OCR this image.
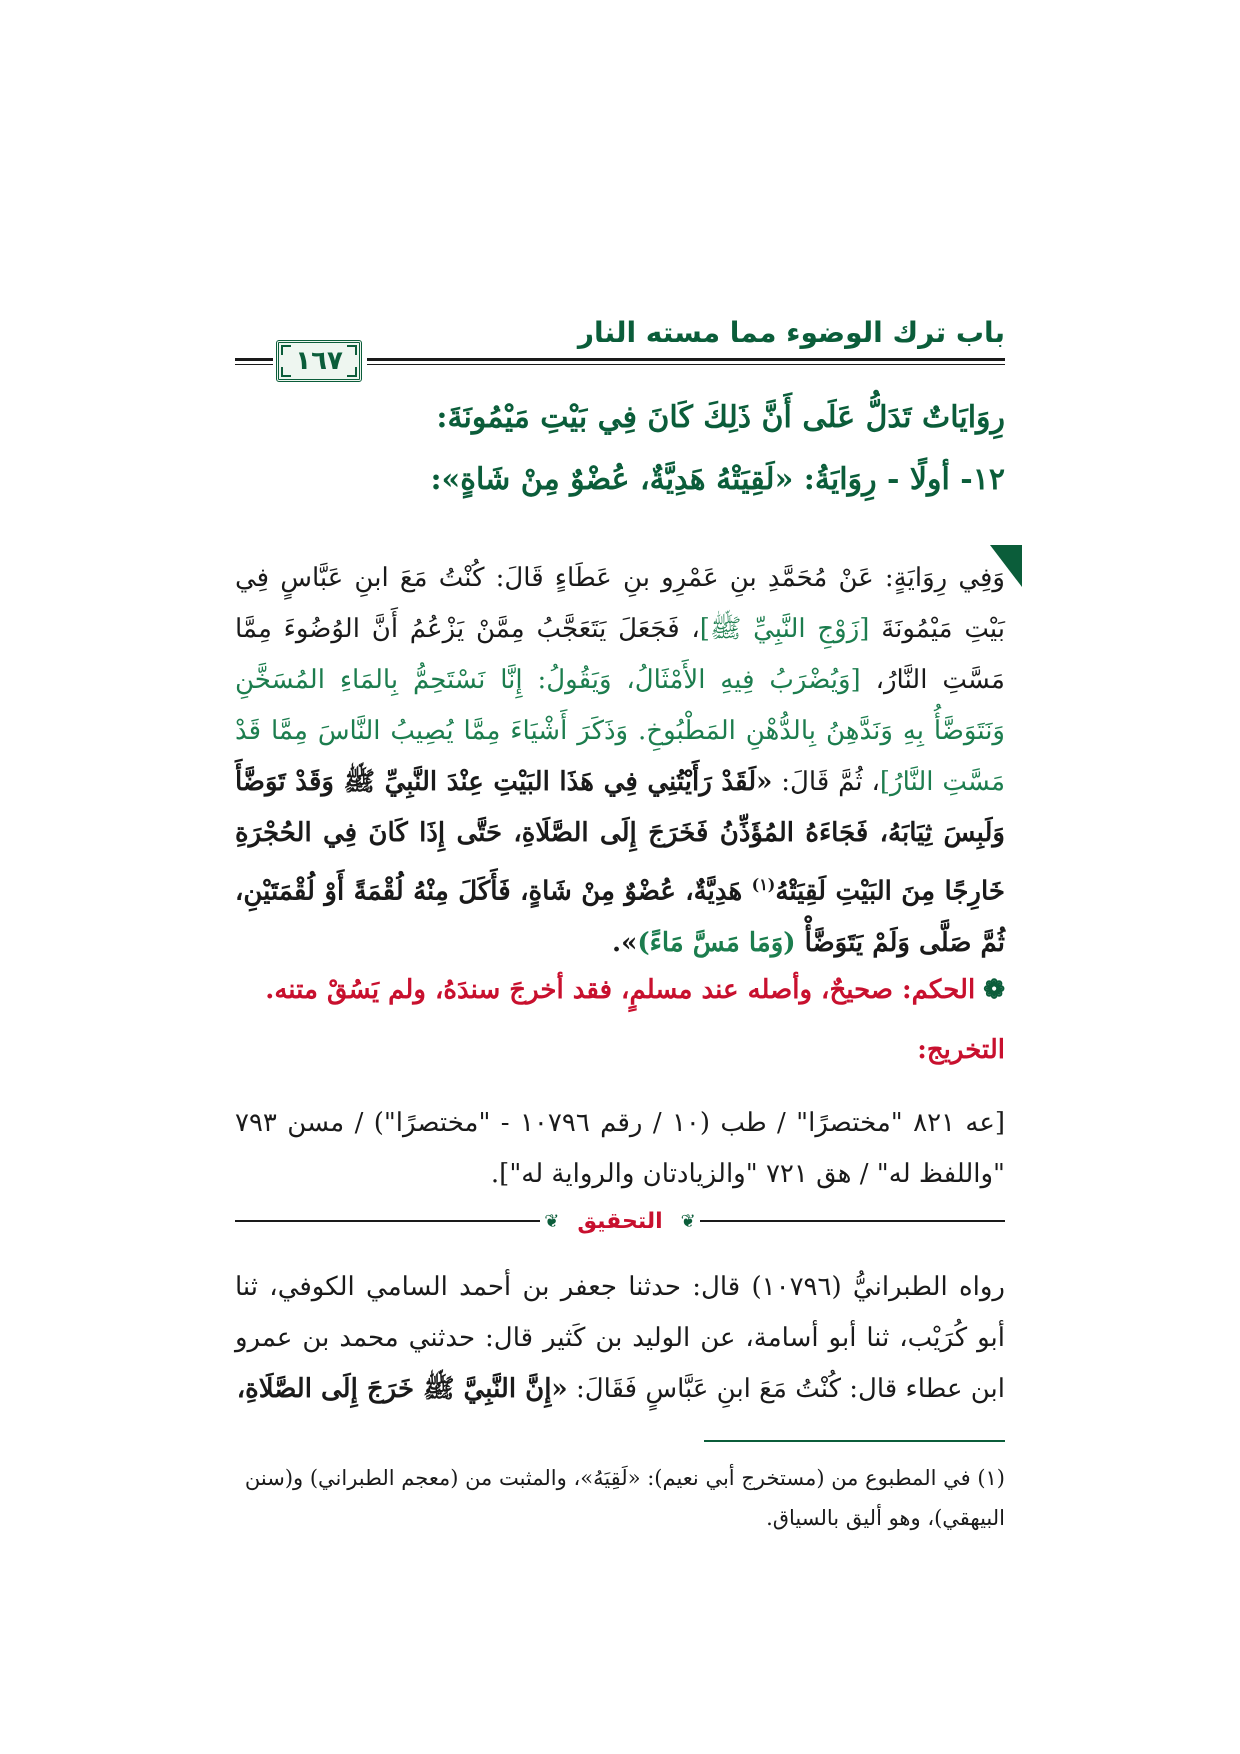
باب ترك الوضوء مما مسته النار
١٦٧
رِوَايَاتٌ تَدَلُّ عَلَى أَنَّ ذَلِكَ كَانَ فِي بَيْتِ مَيْمُونَةَ:
١٢- أولًا - رِوَايَةُ: «لَقِيَتْهُ هَدِيَّةٌ، عُضْوٌ مِنْ شَاةٍ»:
وَفِي رِوَايَةٍ: عَنْ مُحَمَّدِ بنِ عَمْرِو بنِ عَطَاءٍ قَالَ: كُنْتُ مَعَ ابنِ عَبَّاسٍ فِي بَيْتِ مَيْمُونَةَ [زَوْجِ النَّبِيِّ ﷺ]، فَجَعَلَ يَتَعَجَّبُ مِمَّنْ يَزْعُمُ أَنَّ الوُضُوءَ مِمَّا مَسَّتِ النَّارُ، [وَيُضْرَبُ فِيهِ الأَمْثَالُ، وَيَقُولُ: إِنَّا نَسْتَحِمُّ بِالمَاءِ المُسَخَّنِ وَنَتَوَضَّأُ بِهِ وَنَدَّهِنُ بِالدُّهْنِ المَطْبُوخِ. وَذَكَرَ أَشْيَاءَ مِمَّا يُصِيبُ النَّاسَ مِمَّا قَدْ مَسَّتِ النَّارُ]، ثُمَّ قَالَ: «لَقَدْ رَأَيْتُنِي فِي هَذَا البَيْتِ عِنْدَ النَّبِيِّ ﷺ وَقَدْ تَوَضَّأَ وَلَبِسَ ثِيَابَهُ، فَجَاءَهُ المُؤَذِّنُ فَخَرَجَ إِلَى الصَّلَاةِ، حَتَّى إِذَا كَانَ فِي الحُجْرَةِ خَارِجًا مِنَ البَيْتِ لَقِيَتْهُ$^{(١)}$ هَدِيَّةٌ، عُضْوٌ مِنْ شَاةٍ، فَأَكَلَ مِنْهُ لُقْمَةً أَوْ لُقْمَتَيْنِ، ثُمَّ صَلَّى وَلَمْ يَتَوَضَّأْ (وَمَا مَسَّ مَاءً)».
❁الحكم: صحيحٌ، وأصله عند مسلمٍ، فقد أخرجَ سندَهُ، ولم يَسُقْ متنه.
التخريج:
[عه ٨٢١ "مختصرًا" / طب (١٠ / رقم ١٠٧٩٦ - "مختصرًا") / مسن ٧٩٣ "واللفظ له" / هق ٧٢١ "والزيادتان والرواية له"].
❦
التحقيق
❦
رواه الطبرانيُّ (١٠٧٩٦) قال: حدثنا جعفر بن أحمد السامي الكوفي، ثنا أبو كُرَيْب، ثنا أبو أسامة، عن الوليد بن كَثير قال: حدثني محمد بن عمرو ابن عطاء قال: كُنْتُ مَعَ ابنِ عَبَّاسٍ فَقَالَ: «إِنَّ النَّبِيَّ ﷺ خَرَجَ إِلَى الصَّلَاةِ،
(١) في المطبوع من (مستخرج أبي نعيم): «لَقِيَهُ»، والمثبت من (معجم الطبراني) و(سنن البيهقي)، وهو أليق بالسياق.
